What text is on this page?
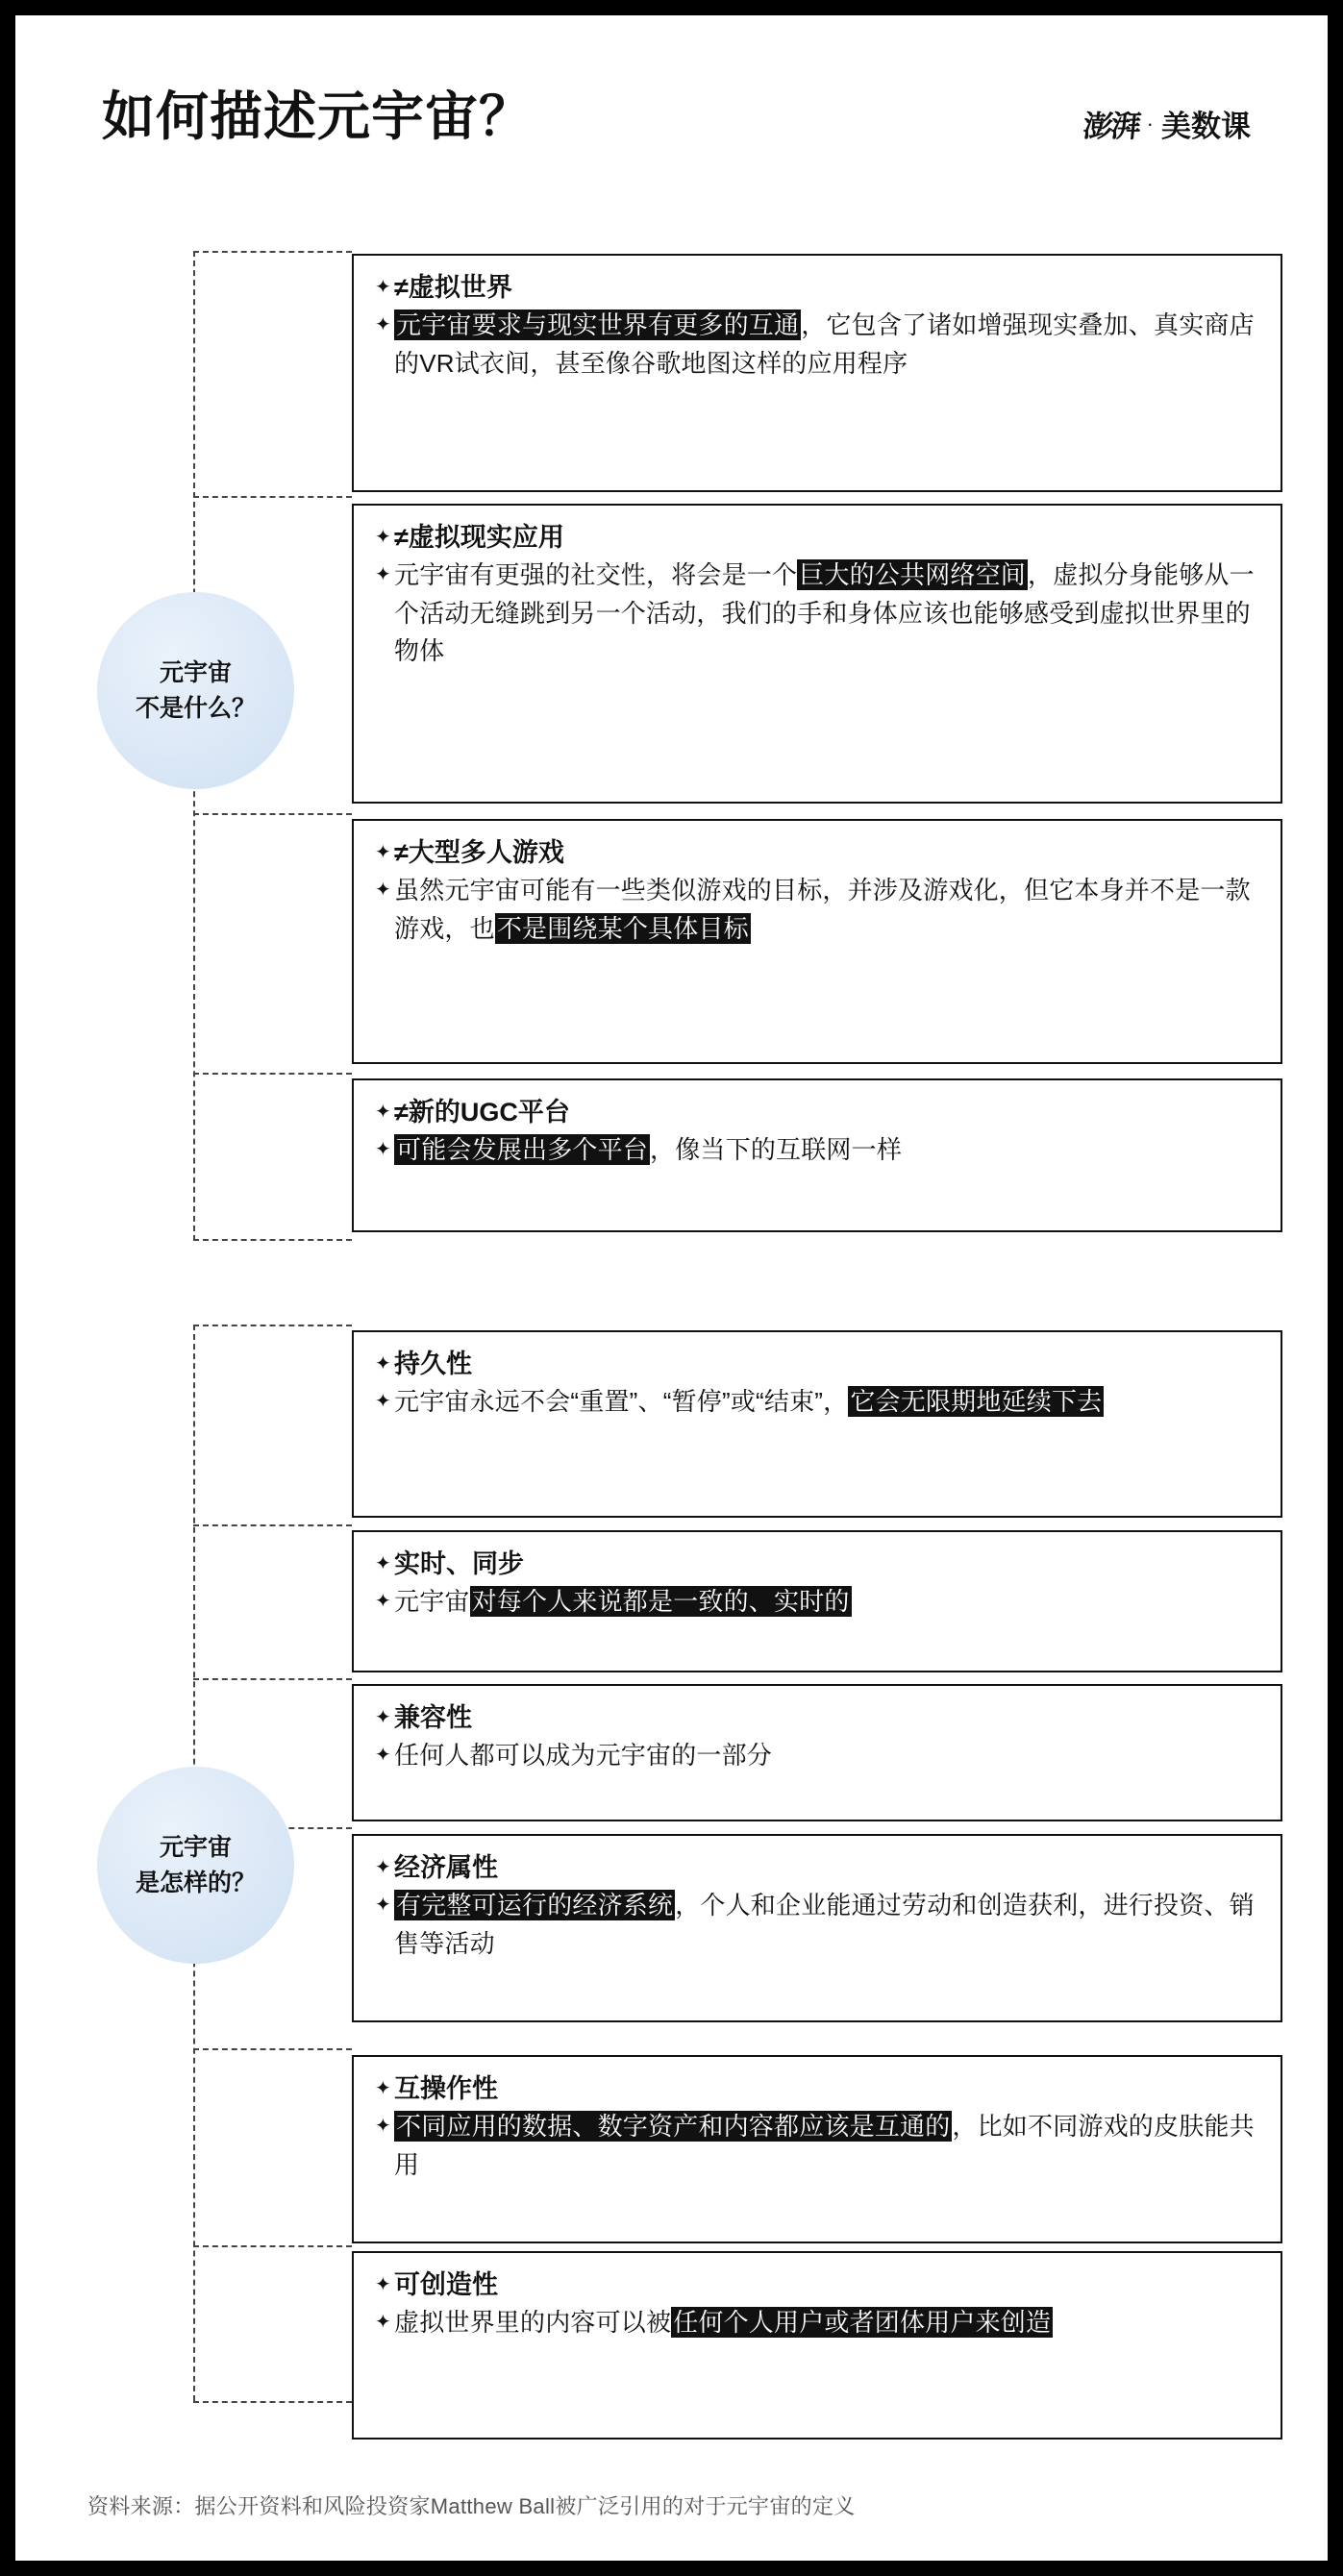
如何描述元宇宙？	澎湃 · 美数课
元宇宙
不是什么？
✦ ≠虚拟世界
✦ 元宇宙要求与现实世界有更多的互通，它包含了诸如增强现实叠加、真实商店的VR试衣间，甚至像谷歌地图这样的应用程序
✦ ≠虚拟现实应用
✦ 元宇宙有更强的社交性，将会是一个巨大的公共网络空间，虚拟分身能够从一个活动无缝跳到另一个活动，我们的手和身体应该也能够感受到虚拟世界里的物体
✦ ≠大型多人游戏
✦ 虽然元宇宙可能有一些类似游戏的目标，并涉及游戏化，但它本身并不是一款游戏，也不是围绕某个具体目标
✦ ≠新的UGC平台
✦ 可能会发展出多个平台，像当下的互联网一样
元宇宙
是怎样的？
✦ 持久性
✦ 元宇宙永远不会“重置”、“暂停”或“结束”，它会无限期地延续下去
✦ 实时、同步
✦ 元宇宙对每个人来说都是一致的、实时的
✦ 兼容性
✦ 任何人都可以成为元宇宙的一部分
✦ 经济属性
✦ 有完整可运行的经济系统，个人和企业能通过劳动和创造获利，进行投资、销售等活动
✦ 互操作性
✦ 不同应用的数据、数字资产和内容都应该是互通的，比如不同游戏的皮肤能共用
✦ 可创造性
✦ 虚拟世界里的内容可以被任何个人用户或者团体用户来创造
资料来源：据公开资料和风险投资家Matthew Ball被广泛引用的对于元宇宙的定义
